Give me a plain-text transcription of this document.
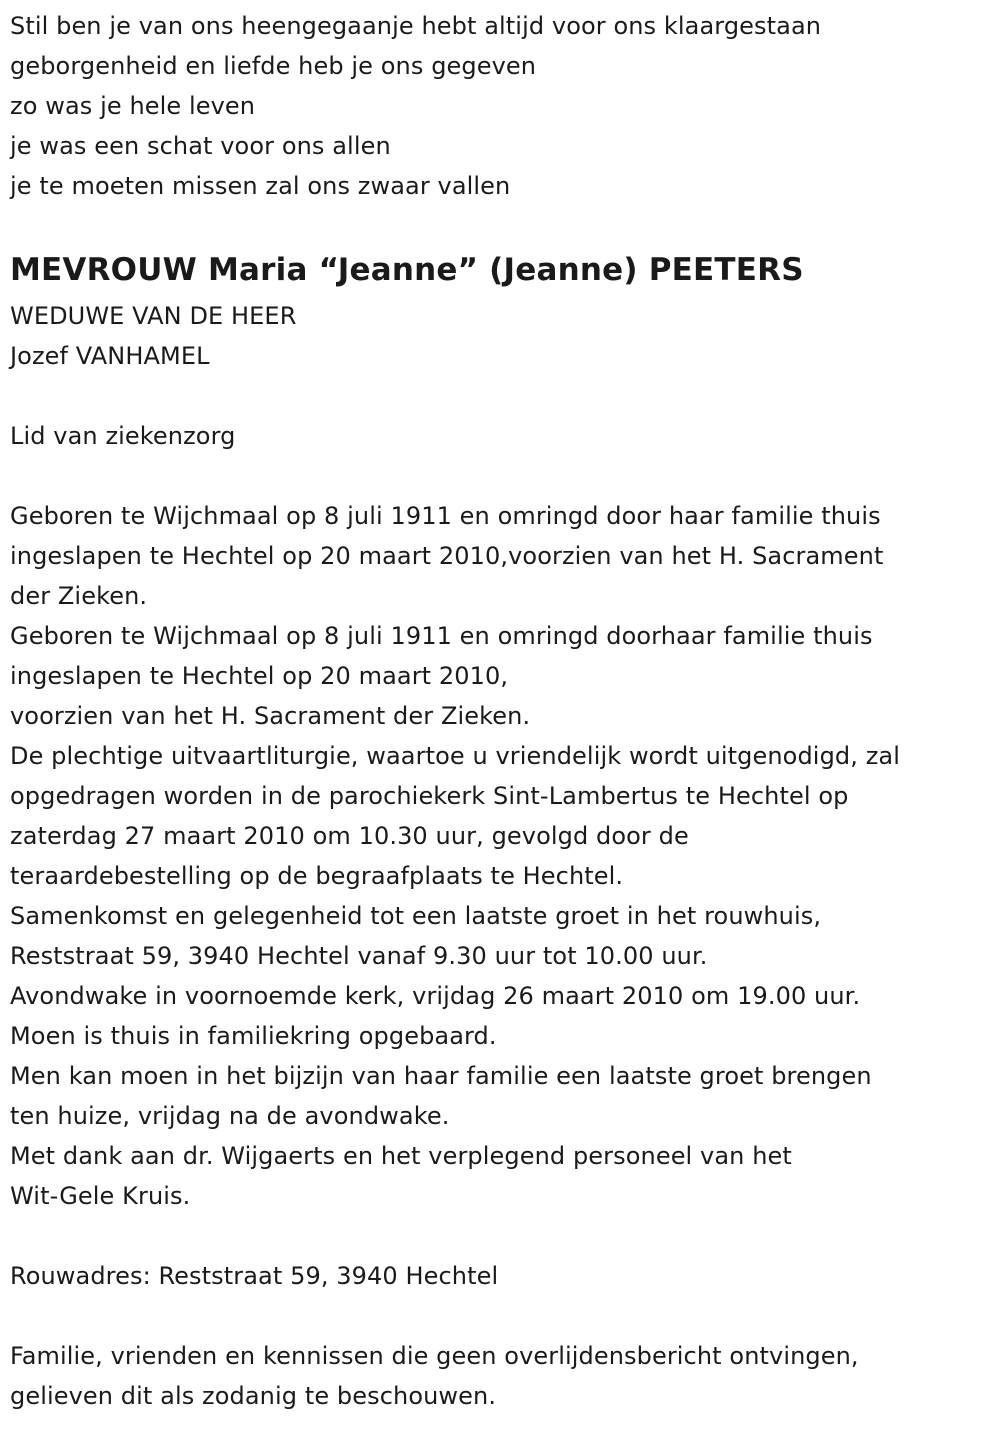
Stil ben je van ons heengegaanje hebt altijd voor ons klaargestaan
geborgenheid en liefde heb je ons gegeven
zo was je hele leven
je was een schat voor ons allen
je te moeten missen zal ons zwaar vallen
MEVROUW Maria “Jeanne” (Jeanne) PEETERS
WEDUWE VAN DE HEER
Jozef VANHAMEL
Lid van ziekenzorg
Geboren te Wijchmaal op 8 juli 1911 en omringd door haar familie thuis
ingeslapen te Hechtel op 20 maart 2010,voorzien van het H. Sacrament
der Zieken.
Geboren te Wijchmaal op 8 juli 1911 en omringd doorhaar familie thuis
ingeslapen te Hechtel op 20 maart 2010,
voorzien van het H. Sacrament der Zieken.
De plechtige uitvaartliturgie, waartoe u vriendelijk wordt uitgenodigd, zal
opgedragen worden in de parochiekerk Sint-Lambertus te Hechtel op
zaterdag 27 maart 2010 om 10.30 uur, gevolgd door de
teraardebestelling op de begraafplaats te Hechtel.
Samenkomst en gelegenheid tot een laatste groet in het rouwhuis,
Reststraat 59, 3940 Hechtel vanaf 9.30 uur tot 10.00 uur.
Avondwake in voornoemde kerk, vrijdag 26 maart 2010 om 19.00 uur.
Moen is thuis in familiekring opgebaard.
Men kan moen in het bijzijn van haar familie een laatste groet brengen
ten huize, vrijdag na de avondwake.
Met dank aan dr. Wijgaerts en het verplegend personeel van het
Wit-Gele Kruis.
Rouwadres: Reststraat 59, 3940 Hechtel
Familie, vrienden en kennissen die geen overlijdensbericht ontvingen,
gelieven dit als zodanig te beschouwen.
